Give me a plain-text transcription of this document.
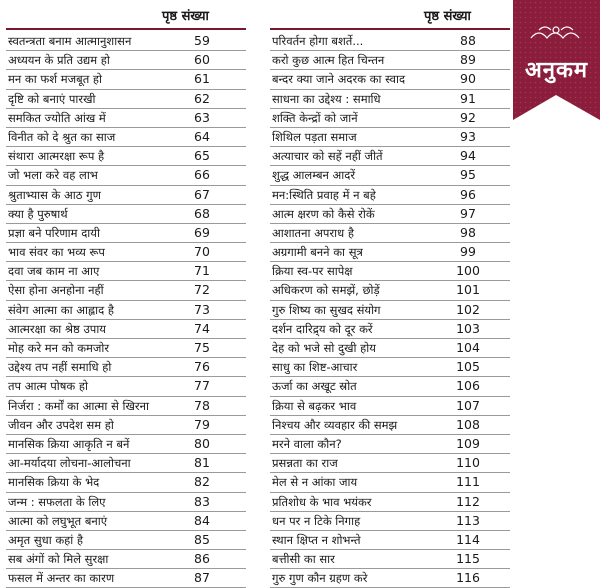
अनुकम
पृष्ठ संख्या	पृष्ठ संख्या
स्वतन्त्रता बनाम आत्मानुशासन	59
अध्ययन के प्रति उद्यम हो	60
मन का फर्श मजबूत हो	61
दृष्टि को बनाएं पारखी	62
समकित ज्योति आंख में	63
विनीत को दे श्रुत का साज	64
संथारा आत्मरक्षा रूप है	65
जो भला करे वह लाभ	66
श्रुताभ्यास के आठ गुण	67
क्या है पुरुषार्थ	68
प्रज्ञा बने परिणाम दायी	69
भाव संवर का भव्य रूप	70
दवा जब काम ना आए	71
ऐसा होना अनहोना नहीं	72
संवेग आत्मा का आह्लाद है	73
आत्मरक्षा का श्रेष्ठ उपाय	74
मोह करे मन को कमजोर	75
उद्देश्य तप नहीं समाधि हो	76
तप आत्म पोषक हो	77
निर्जरा : कर्मों का आत्मा से खिरना	78
जीवन और उपदेश सम हो	79
मानसिक क्रिया आकृति न बनें	80
आ-मर्यादया लोचना-आलोचना	81
मानसिक क्रिया के भेद	82
जन्म : सफलता के लिए	83
आत्मा को लघुभूत बनाएं	84
अमृत सुधा कहां है	85
सब अंगों को मिले सुरक्षा	86
फसल में अन्तर का कारण	87
परिवर्तन होगा बशर्ते...	88
करो कुछ आत्म हित चिन्तन	89
बन्दर क्या जाने अदरक का स्वाद	90
साधना का उद्देश्य : समाधि	91
शक्ति केन्द्रों को जानें	92
शिथिल पड़ता समाज	93
अत्याचार को सहें नहीं जीतें	94
शुद्ध आलम्बन आदरें	95
मन:स्थिति प्रवाह में न बहे	96
आत्म क्षरण को कैसे रोकें	97
आशातना अपराध है	98
अग्रगामी बनने का सूत्र	99
क्रिया स्व-पर सापेक्ष	100
अधिकरण को समझें, छोड़ें	101
गुरु शिष्य का सुखद संयोग	102
दर्शन दारिद्र्य को दूर करें	103
देह को भजे सो दुखी होय	104
साधु का शिष्ट-आचार	105
ऊर्जा का अखूट स्रोत	106
क्रिया से बढ़कर भाव	107
निश्चय और व्यवहार की समझ	108
मरने वाला कौन?	109
प्रसन्नता का राज	110
मेल से न आंका जाय	111
प्रतिशोध के भाव भयंकर	112
धन पर न टिके निगाह	113
स्थान क्षिप्त न शोभन्ते	114
बत्तीसी का सार	115
गुरु गुण कौन ग्रहण करे	116
